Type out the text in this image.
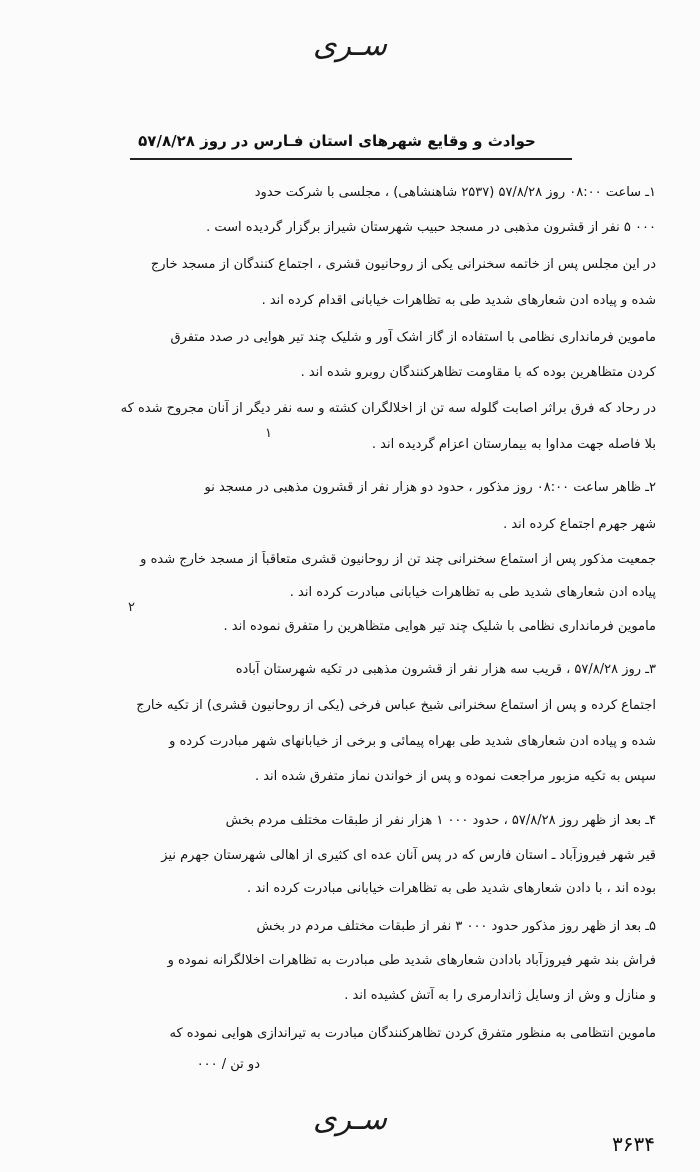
سـری
حوادث و وقایع شهرهای استان فـارس در روز ۵۷/۸/۲۸
۱ـ ساعت ۰۸:۰۰ روز ۵۷/۸/۲۸ (۲۵۳۷ شاهنشاهی) ، مجلسی با شرکت حدود
۰۰۰ ۵ نفر از قشرون مذهبی در مسجد حبیب شهرستان شیراز برگزار گردیده است .
در این مجلس پس از خاتمه سخنرانی یکی از روحانیون قشری ، اجتماع کنندگان از مسجد خارج
شده و پیاده ادن شعارهای شدید طی به تظاهرات خیابانی اقدام کرده اند .
ماموین فرمانداری نظامی با استفاده از گاز اشک آور و شلیک چند تیر هوایی در صدد متفرق
کردن متظاهرین بوده که با مقاومت تظاهرکنندگان روبرو شده اند .
در رحاد که فرق براثر اصابت گلوله سه تن از اخلالگران کشته و سه نفر دیگر از آنان مجروح شده که
بلا فاصله جهت مداوا به بیمارستان اعزام گردیده اند .
۱
۲ـ ظاهر ساعت ۰۸:۰۰ روز مذکور ، حدود دو هزار نفر از قشرون مذهبی در مسجد نو
شهر جهرم اجتماع کرده اند .
جمعیت مذکور پس از استماع سخنرانی چند تن از روحانیون قشری متعاقباً از مسجد خارج شده و
پیاده ادن شعارهای شدید طی به تظاهرات خیابانی مبادرت کرده اند .
ماموین فرمانداری نظامی با شلیک چند تیر هوایی متظاهرین را متفرق نموده اند .
۲
۳ـ روز ۵۷/۸/۲۸ ، قریب سه هزار نفر از قشرون مذهبی در تکیه شهرستان آباده
اجتماع کرده و پس از استماع سخنرانی شیخ عباس فرخی (یکی از روحانیون قشری) از تکیه خارج
شده و پیاده ادن شعارهای شدید طی بهراه پیمائی و برخی از خیابانهای شهر مبادرت کرده و
سپس به تکیه مزبور مراجعت نموده و پس از خواندن نماز متفرق شده اند .
۴ـ بعد از ظهر روز ۵۷/۸/۲۸ ، حدود ۰۰۰ ۱ هزار نفر از طبقات مختلف مردم بخش
قیر شهر فیروزآباد ـ استان فارس که در پس آنان عده ای کثیری از اهالی شهرستان جهرم نیز
بوده اند ، با دادن شعارهای شدید طی به تظاهرات خیابانی مبادرت کرده اند .
۵ـ بعد از ظهر روز مذکور حدود ۰۰۰ ۳ نفر از طبقات مختلف مردم در بخش
فراش بند شهر فیروزآباد بادادن شعارهای شدید طی مبادرت به تظاهرات اخلالگرانه نموده و
و منازل و وش از وسایل ژاندارمری را به آتش کشیده اند .
ماموین انتظامی به منظور متفرق کردن تظاهرکنندگان مبادرت به تیراندازی هوایی نموده که
دو تن / ۰۰۰
سـری
۳۶۳۴
